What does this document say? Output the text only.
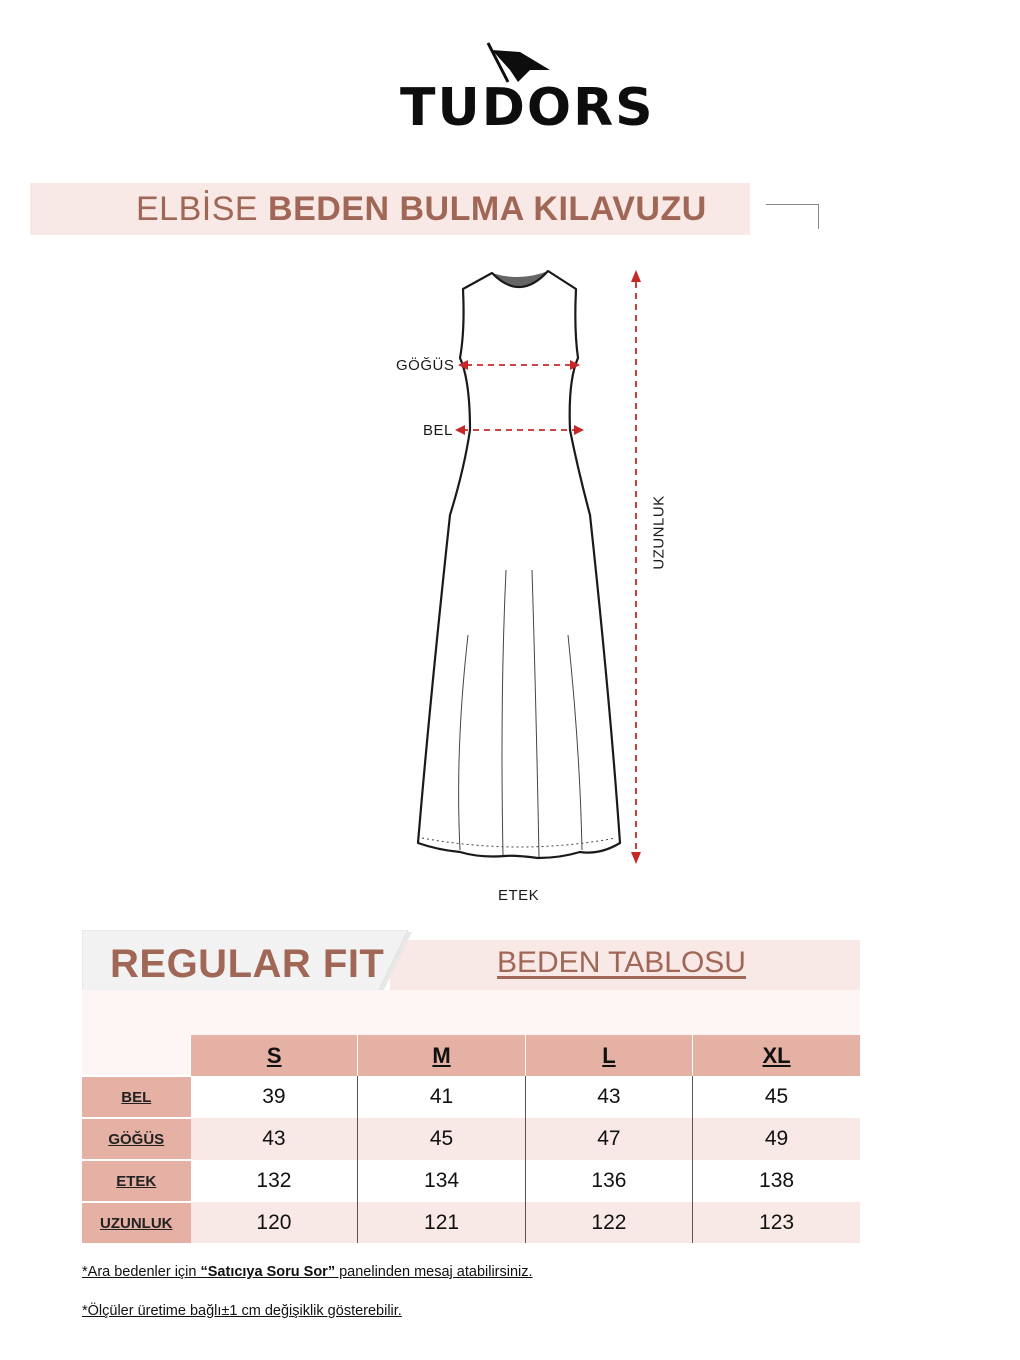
TUDORS
ELBİSE BEDEN BULMA KILAVUZU
GÖĞÜS
BEL
UZUNLUK
ETEK
REGULAR FIT	BEDEN TABLOSU
	S	M	L	XL
BEL	39	41	43	45
GÖĞÜS	43	45	47	49
ETEK	132	134	136	138
UZUNLUK	120	121	122	123
*Ara bedenler için “Satıcıya Soru Sor” panelinden mesaj atabilirsiniz.
*Ölçüler üretime bağlı±1 cm değişiklik gösterebilir.
